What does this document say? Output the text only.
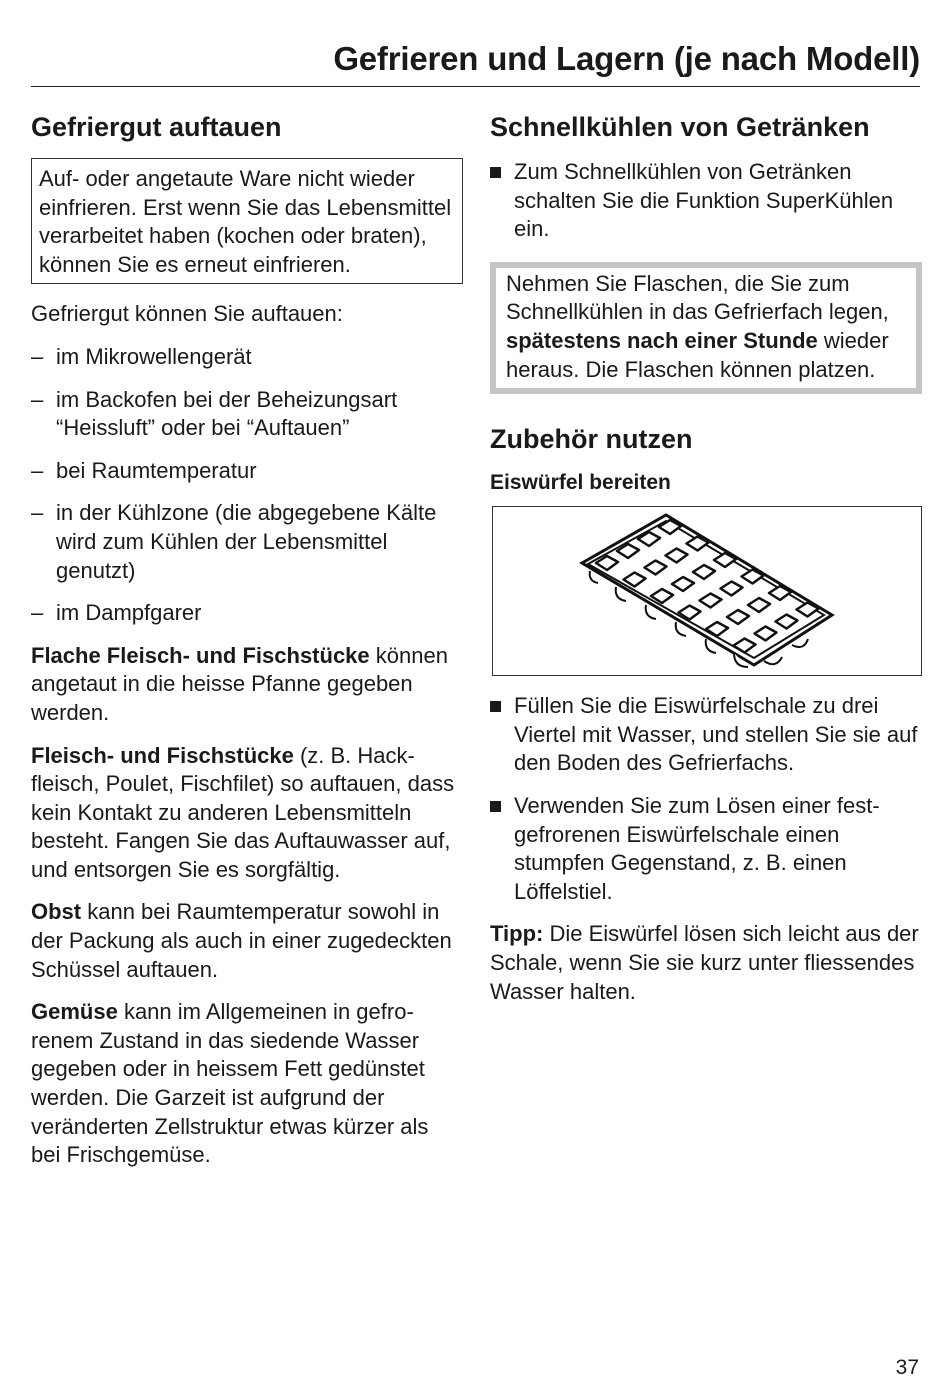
Gefrieren und Lagern (je nach Modell)
Gefriergut auftauen
Auf- oder angetaute Ware nicht wieder einfrieren. Erst wenn Sie das Lebensmittel verarbeitet haben (kochen oder braten), können Sie es erneut einfrieren.

Gefriergut können Sie auftauen:

– im Mikrowellengerät
– im Backofen bei der Beheizungsart “Heissluft” oder bei “Auftauen”
– bei Raumtemperatur
– in der Kühlzone (die abgegebene Kälte wird zum Kühlen der Lebensmittel genutzt)
– im Dampfgarer

Flache Fleisch- und Fischstücke können angetaut in die heisse Pfanne gegeben werden.

Fleisch- und Fischstücke (z. B. Hackfleisch, Poulet, Fischfilet) so auftauen, dass kein Kontakt zu anderen Lebensmitteln besteht. Fangen Sie das Auftauwasser auf, und entsorgen Sie es sorgfältig.

Obst kann bei Raumtemperatur sowohl in der Packung als auch in einer zugedeckten Schüssel auftauen.

Gemüse kann im Allgemeinen in gefrorenem Zustand in das siedende Wasser gegeben oder in heissem Fett gedünstet werden. Die Garzeit ist aufgrund der veränderten Zellstruktur etwas kürzer als bei Frischgemüse.

Schnellkühlen von Getränken
Zum Schnellkühlen von Getränken schalten Sie die Funktion SuperKühlen ein.
Nehmen Sie Flaschen, die Sie zum Schnellkühlen in das Gefrierfach legen, spätestens nach einer Stunde wieder heraus. Die Flaschen können platzen.
Zubehör nutzen
Eiswürfel bereiten
Füllen Sie die Eiswürfelschale zu drei Viertel mit Wasser, und stellen Sie sie auf den Boden des Gefrierfachs.
Verwenden Sie zum Lösen einer festgefrorenen Eiswürfelschale einen stumpfen Gegenstand, z. B. einen Löffelstiel.

Tipp: Die Eiswürfel lösen sich leicht aus der Schale, wenn Sie sie kurz unter fliessendes Wasser halten.

37
